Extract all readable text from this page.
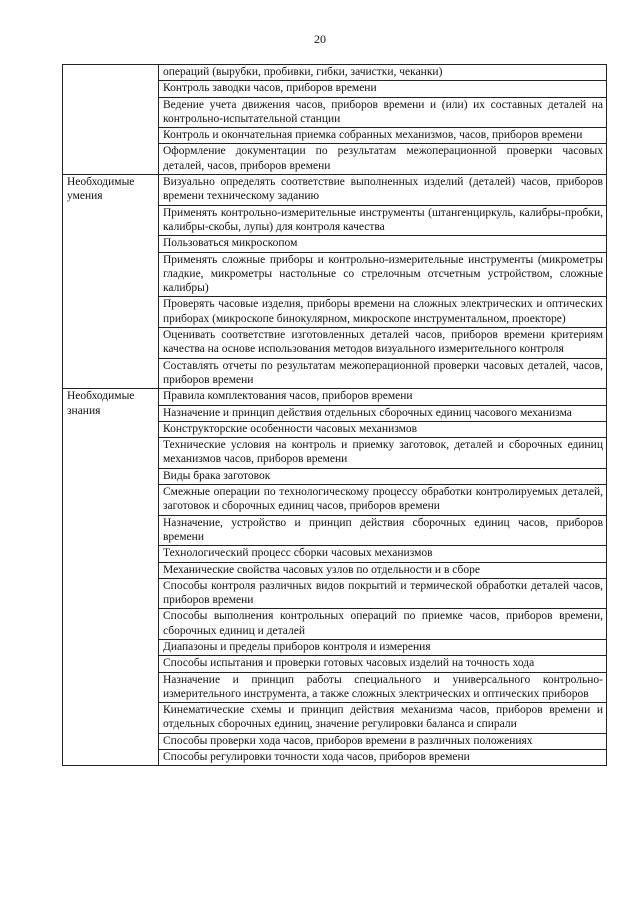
20
	операций (вырубки, пробивки, гибки, зачистки, чеканки)
	Контроль заводки часов, приборов времени
	Ведение учета движения часов, приборов времени и (или) их составных деталей на контрольно-испытательной станции
	Контроль и окончательная приемка собранных механизмов, часов, приборов времени
	Оформление документации по результатам межоперационной проверки часовых деталей, часов, приборов времени

Необходимые
умения	Визуально определять соответствие выполненных изделий (деталей) часов, приборов времени техническому заданию
	Применять контрольно-измерительные инструменты (штангенциркуль, калибры-пробки, калибры-скобы, лупы) для контроля качества
	Пользоваться микроскопом
	Применять сложные приборы и контрольно-измерительные инструменты (микрометры гладкие, микрометры настольные со стрелочным отсчетным устройством, сложные калибры)
	Проверять часовые изделия, приборы времени на сложных электрических и оптических приборах (микроскопе бинокулярном, микроскопе инструментальном, проекторе)
	Оценивать соответствие изготовленных деталей часов, приборов времени критериям качества на основе использования методов визуального измерительного контроля
	Составлять отчеты по результатам межоперационной проверки часовых деталей, часов, приборов времени

Необходимые
знания	Правила комплектования часов, приборов времени
	Назначение и принцип действия отдельных сборочных единиц часового механизма
	Конструкторские особенности часовых механизмов
	Технические условия на контроль и приемку заготовок, деталей и сборочных единиц механизмов часов, приборов времени
	Виды брака заготовок
	Смежные операции по технологическому процессу обработки контролируемых деталей, заготовок и сборочных единиц часов, приборов времени
	Назначение, устройство и принцип действия сборочных единиц часов, приборов времени
	Технологический процесс сборки часовых механизмов
	Механические свойства часовых узлов по отдельности и в сборе
	Способы контроля различных видов покрытий и термической обработки деталей часов, приборов времени
	Способы выполнения контрольных операций по приемке часов, приборов времени, сборочных единиц и деталей
	Диапазоны и пределы приборов контроля и измерения
	Способы испытания и проверки готовых часовых изделий на точность хода
	Назначение и принцип работы специального и универсального контрольно-измерительного инструмента, а также сложных электрических и оптических приборов
	Кинематические схемы и принцип действия механизма часов, приборов времени и отдельных сборочных единиц, значение регулировки баланса и спирали
	Способы проверки хода часов, приборов времени в различных положениях
	Способы регулировки точности хода часов, приборов времени
